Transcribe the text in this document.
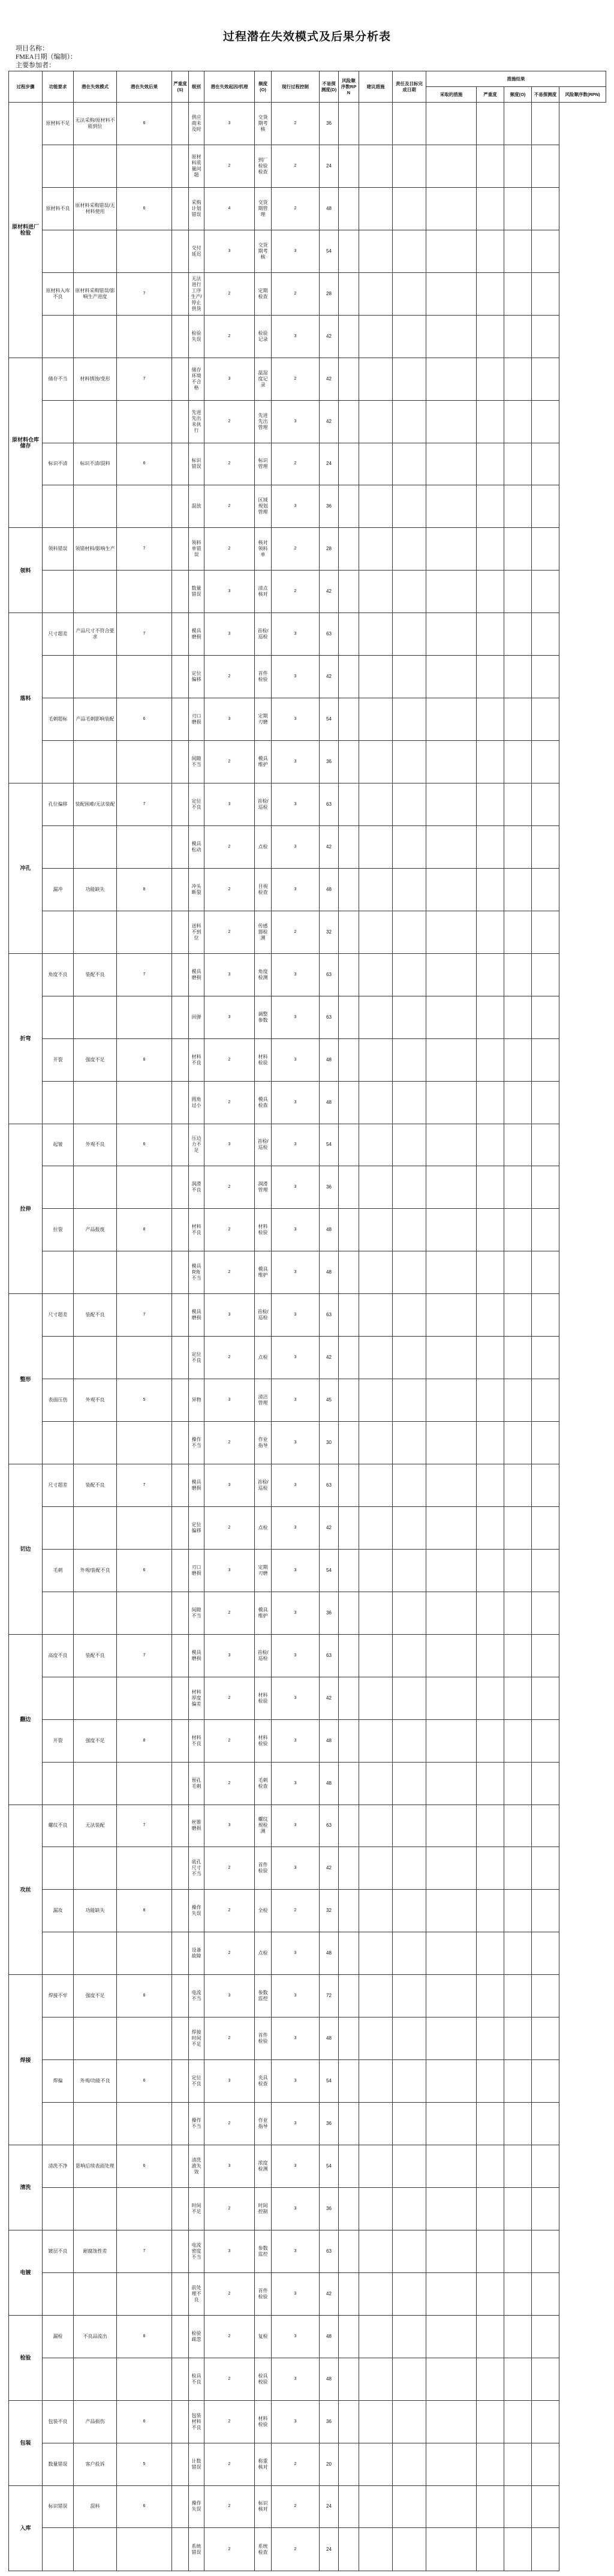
过程潜在失效模式及后果分析表
项目名称：
FMEA日期（编制）：
主要参加者：
过程步骤	功能要求	潜在失效模式	潜在失效后果	严重度(S)	级别	潜在失效起因/机理	频度(O)	现行过程控制	不易探测度(D)	风险顺序数RPN	建议措施	责任及目标完成日期	措施结果				
													采取的措施	严重度	频度(O)	不易探测度	风险顺序数(RPN)
原材料进厂检验	原材料不足	无法采购/原材料不能到位	6		供应商未及时	3	交货期考核	2	36								
					原材料质量问题	2	到厂检验检查	2	24								
	原材料不良	原材料采购错误/无材料使用	6		采购计划错误	4	交货期管理	2	48								
					交付延迟	3	交货期考核	3	54								
	原材料入库不良	原材料采购错误/影响生产进度	7		无法进行工序生产/停止供货	2	定期检查	2	28								
					检验失误	2	检验记录	3	42								
原材料仓库储存	储存不当	材料锈蚀/变形	7		储存环境不合格	3	温湿度记录	2	42								
					先进先出未执行	2	先进先出管理	3	42								
	标识不清	标识不清/混料	6		标识错误	2	标识管理	2	24								
					混放	2	区域规划管理	3	36								
领料	领料错误	领错材料/影响生产	7		领料单错误	2	核对领料单	2	28								
					数量错误	3	清点核对	2	42								
落料	尺寸超差	产品尺寸不符合要求	7		模具磨损	3	首检/巡检	3	63								
					定位偏移	2	首件检验	3	42								
	毛刺超标	产品毛刺影响装配	6		刃口磨损	3	定期刃磨	3	54								
					间隙不当	2	模具维护	3	36								
冲孔	孔位偏移	装配困难/无法装配	7		定位不良	3	首检/巡检	3	63								
					模具松动	2	点检	3	42								
	漏冲	功能缺失	8		冲头断裂	2	目视检查	3	48								
					送料不到位	2	传感器检测	2	32								
折弯	角度不良	装配不良	7		模具磨损	3	角度检测	3	63								
					回弹	3	调整参数	3	63								
	开裂	强度不足	8		材料不良	2	材料检验	3	48								
					圆角过小	2	模具检查	3	48								
拉伸	起皱	外观不良	6		压边力不足	3	首检/巡检	3	54								
					润滑不良	2	润滑管理	3	36								
	拉裂	产品报废	8		材料不良	2	材料检验	3	48								
					模具R角不当	2	模具维护	3	48								
整形	尺寸超差	装配不良	7		模具磨损	3	首检/巡检	3	63								
					定位不良	2	点检	3	42								
	表面压伤	外观不良	5		异物	3	清洁管理	3	45								
					操作不当	2	作业指导	3	30								
切边	尺寸超差	装配不良	7		模具磨损	3	首检/巡检	3	63								
					定位偏移	2	点检	3	42								
	毛刺	外观/装配不良	6		刃口磨损	3	定期刃磨	3	54								
					间隙不当	2	模具维护	3	36								
翻边	高度不良	装配不良	7		模具磨损	3	首检/巡检	3	63								
					材料厚度偏差	2	材料检验	3	42								
	开裂	强度不足	8		材料不良	2	材料检验	3	48								
					预孔毛刺	2	毛刺检查	3	48								
攻丝	螺纹不良	无法装配	7		丝锥磨损	3	螺纹规检测	3	63								
					底孔尺寸不当	2	首件检验	3	42								
	漏攻	功能缺失	8		操作失误	2	全检	2	32								
					设备故障	2	点检	3	48								
焊接	焊接不牢	强度不足	8		电流不当	3	参数监控	3	72								
					焊接时间不足	2	首件检验	3	48								
	焊偏	外观/功能不良	6		定位不良	3	夹具检查	3	54								
					操作不当	2	作业指导	3	36								
清洗	清洗不净	影响后续表面处理	6		清洗液失效	3	浓度检测	3	54								
					时间不足	2	时间控制	3	36								
电镀	镀层不良	耐腐蚀性差	7		电流密度不当	3	参数监控	3	63								
					前处理不良	2	首件检验	3	42								
检验	漏检	不良品流出	8		检验疏忽	2	复检	3	48								
					检具不良	2	检具校验	3	48								
包装	包装不良	产品损伤	6		包装材料不良	2	材料检验	3	36								
	数量错误	客户投诉	5		计数错误	2	称重核对	2	20								
入库	标识错误	混料	6		操作失误	2	标识核对	2	24								
					系统错误	2	系统检查	2	24								
